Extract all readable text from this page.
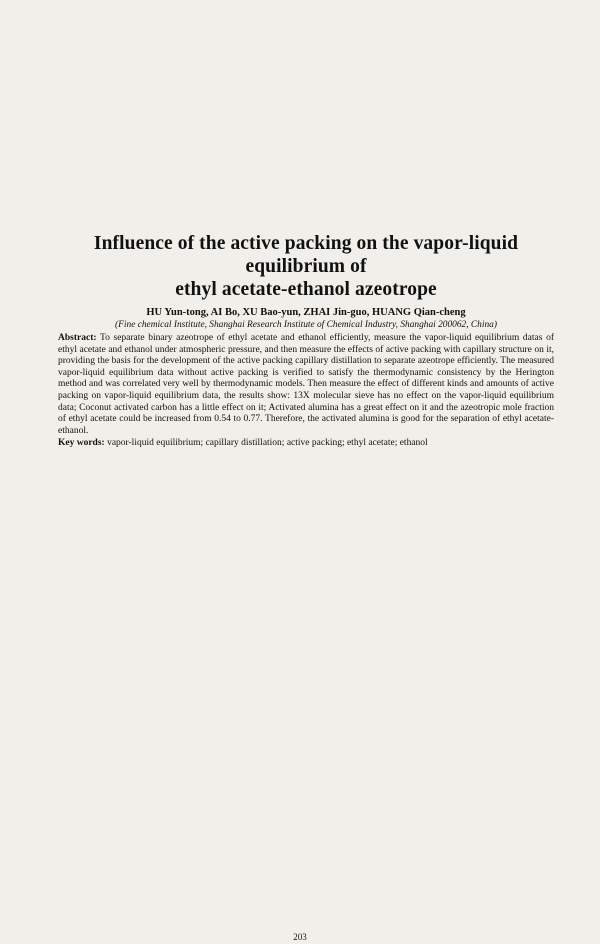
Influence of the active packing on the vapor-liquid equilibrium of
ethyl acetate-ethanol azeotrope
HU Yun-tong, AI Bo, XU Bao-yun, ZHAI Jin-guo, HUANG Qian-cheng
(Fine chemical Institute, Shanghai Research Institute of Chemical Industry, Shanghai 200062, China)

Abstract: To separate binary azeotrope of ethyl acetate and ethanol efficiently, measure the vapor-liquid equilibrium datas of ethyl acetate and ethanol under atmospheric pressure, and then measure the effects of active packing with capillary structure on it, providing the basis for the development of the active packing capillary distillation to separate azeotrope efficiently. The measured vapor-liquid equilibrium data without active packing is verified to satisfy the thermodynamic consistency by the Herington method and was correlated very well by thermodynamic models. Then measure the effect of different kinds and amounts of active packing on vapor-liquid equilibrium data, the results show: 13X molecular sieve has no effect on the vapor-liquid equilibrium data; Coconut activated carbon has a little effect on it; Activated alumina has a great effect on it and the azeotropic mole fraction of ethyl acetate could be increased from 0.54 to 0.77. Therefore, the activated alumina is good for the separation of ethyl acetate-ethanol.

Key words: vapor-liquid equilibrium; capillary distillation; active packing; ethyl acetate; ethanol

203
